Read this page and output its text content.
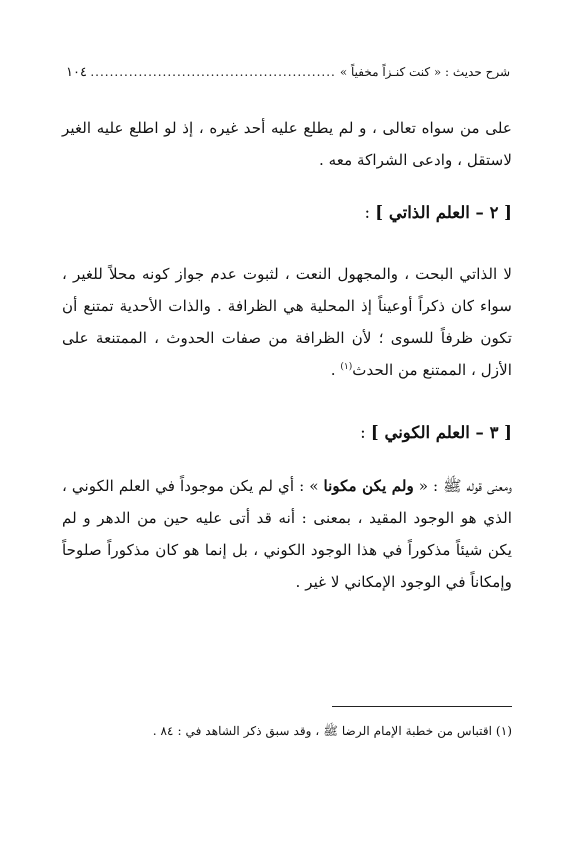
شرح حديث : « كنت كنـزاً مخفياً »
.....
١٠٤

على من سواه تعالى ، و لم يطلع عليه أحد غيره ، إذ لو اطلع عليه الغير لاستقل ، وادعى الشراكة معه .

[ ٢ – العلم الذاتي ] :

لا الذاتي البحت ، والمجهول النعت ، لثبوت عدم جواز كونه محلاً للغير ، سواء كان ذكراً أوعيناً إذ المحلية هي الظرافة . والذات الأحدية تمتنع أن تكون ظرفاً للسوى ؛ لأن الظرافة من صفات الحدوث ، الممتنعة على الأزل ، الممتنع من الحدث$^{(١)}$ .

[ ٣ – العلم الكوني ] :

ومعنى قوله ﷺ : « ولم يكن مكونا » : أي لم يكن موجوداً في العلم الكوني ، الذي هو الوجود المقيد ، بمعنى : أنه قد أتى عليه حين من الدهر و لم يكن شيئاً مذكوراً في هذا الوجود الكوني ، بل إنما هو كان مذكوراً صلوحاً وإمكاناً في الوجود الإمكاني لا غير .

(١) اقتباس من خطبة الإمام الرضا ﷺ ، وقد سبق ذكر الشاهد في : ٨٤ .
